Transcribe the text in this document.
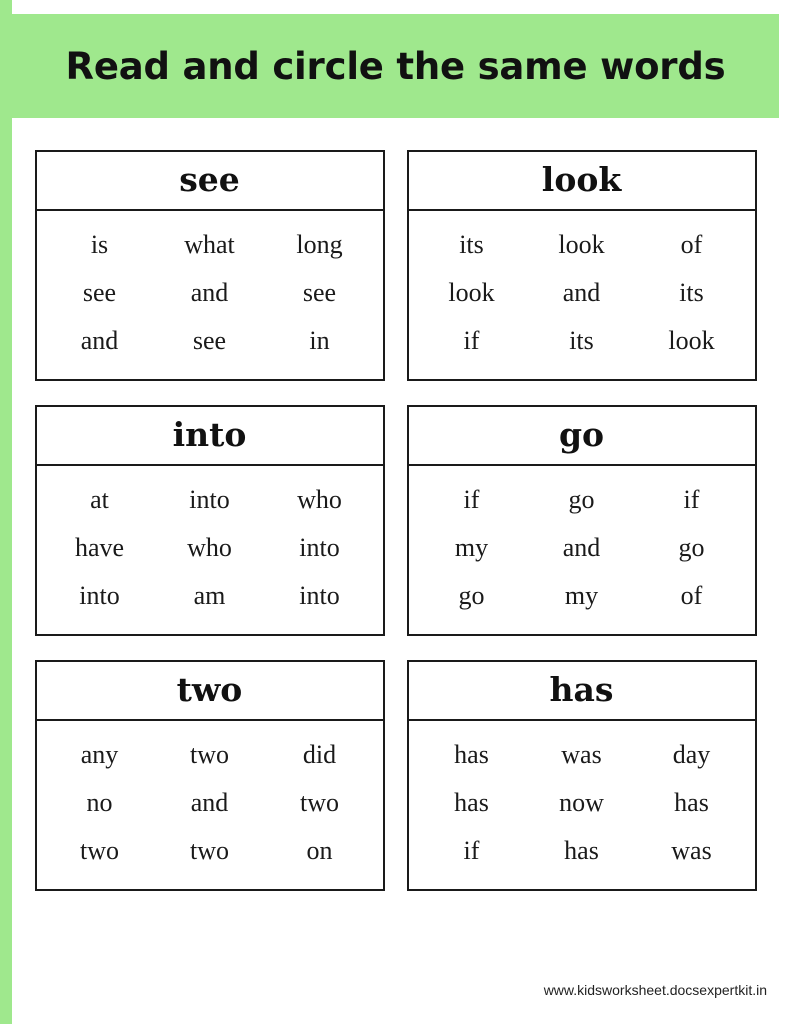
Read and circle the same words
see
is	what	long
see	and	see
and	see	in
look
its	look	of
look	and	its
if	its	look
into
at	into	who
have	who	into
into	am	into
go
if	go	if
my	and	go
go	my	of
two
any	two	did
no	and	two
two	two	on
has
has	was	day
has	now	has
if	has	was
www.kidsworksheet.docsexpertkit.in
